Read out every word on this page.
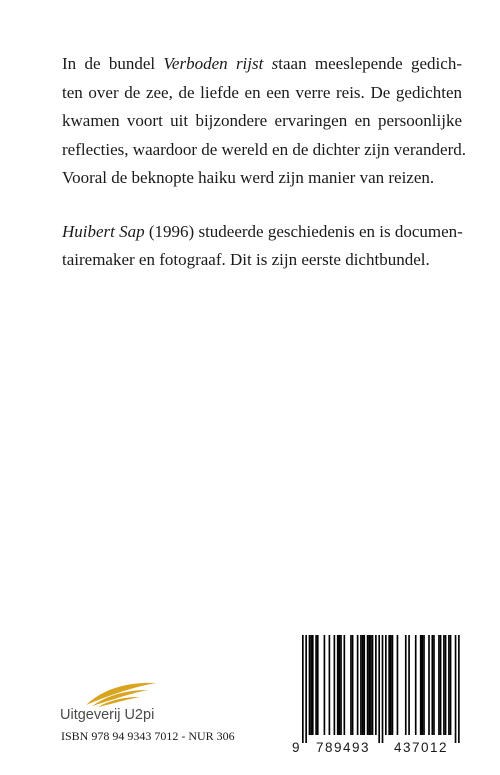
In de bundel Verboden rijst staan meeslepende gedich-
ten over de zee, de liefde en een verre reis. De gedichten
kwamen voort uit bijzondere ervaringen en persoonlijke
reflecties, waardoor de wereld en de dichter zijn veranderd.
Vooral de beknopte haiku werd zijn manier van reizen.

Huibert Sap (1996) studeerde geschiedenis en is documen-
tairemaker en fotograaf. Dit is zijn eerste dichtbundel.

Uitgeverij U2pi
ISBN 978 94 9343 7012 - NUR 306
9 789493 437012
